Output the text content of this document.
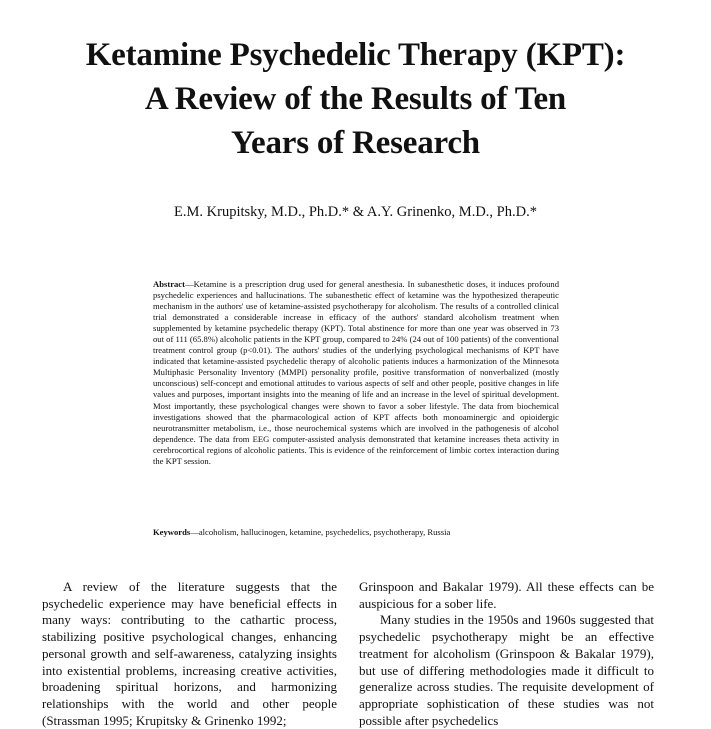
Ketamine Psychedelic Therapy (KPT):
A Review of the Results of Ten
Years of Research
E.M. Krupitsky, M.D., Ph.D.* & A.Y. Grinenko, M.D., Ph.D.*
Abstract—Ketamine is a prescription drug used for general anesthesia. In subanesthetic doses, it induces profound psychedelic experiences and hallucinations. The subanesthetic effect of ketamine was the hypothesized therapeutic mechanism in the authors' use of ketamine-assisted psychotherapy for alcoholism. The results of a controlled clinical trial demonstrated a considerable increase in efficacy of the authors' standard alcoholism treatment when supplemented by ketamine psychedelic therapy (KPT). Total abstinence for more than one year was observed in 73 out of 111 (65.8%) alcoholic patients in the KPT group, compared to 24% (24 out of 100 patients) of the conventional treatment control group (p<0.01). The authors' studies of the underlying psychological mechanisms of KPT have indicated that ketamine-assisted psychedelic therapy of alcoholic patients induces a harmonization of the Minnesota Multiphasic Personality Inventory (MMPI) personality profile, positive transformation of nonverbalized (mostly unconscious) self-concept and emotional attitudes to various aspects of self and other people, positive changes in life values and purposes, important insights into the meaning of life and an increase in the level of spiritual development. Most importantly, these psychological changes were shown to favor a sober lifestyle. The data from biochemical investigations showed that the pharmacological action of KPT affects both monoaminergic and opioidergic neurotransmitter metabolism, i.e., those neurochemical systems which are involved in the pathogenesis of alcohol dependence. The data from EEG computer-assisted analysis demonstrated that ketamine increases theta activity in cerebrocortical regions of alcoholic patients. This is evidence of the reinforcement of limbic cortex interaction during the KPT session.
Keywords—alcoholism, hallucinogen, ketamine, psychedelics, psychotherapy, Russia

A review of the literature suggests that the psychedelic experience may have beneficial effects in many ways: contributing to the cathartic process, stabilizing positive psychological changes, enhancing personal growth and self-awareness, catalyzing insights into existential problems, increasing creative activities, broadening spiritual horizons, and harmonizing relationships with the world and other people (Strassman 1995; Krupitsky & Grinenko 1992;

Grinspoon and Bakalar 1979). All these effects can be auspicious for a sober life.

Many studies in the 1950s and 1960s suggested that psychedelic psychotherapy might be an effective treatment for alcoholism (Grinspoon & Bakalar 1979), but use of differing methodologies made it difficult to generalize across studies. The requisite development of appropriate sophistication of these studies was not possible after psychedelics
